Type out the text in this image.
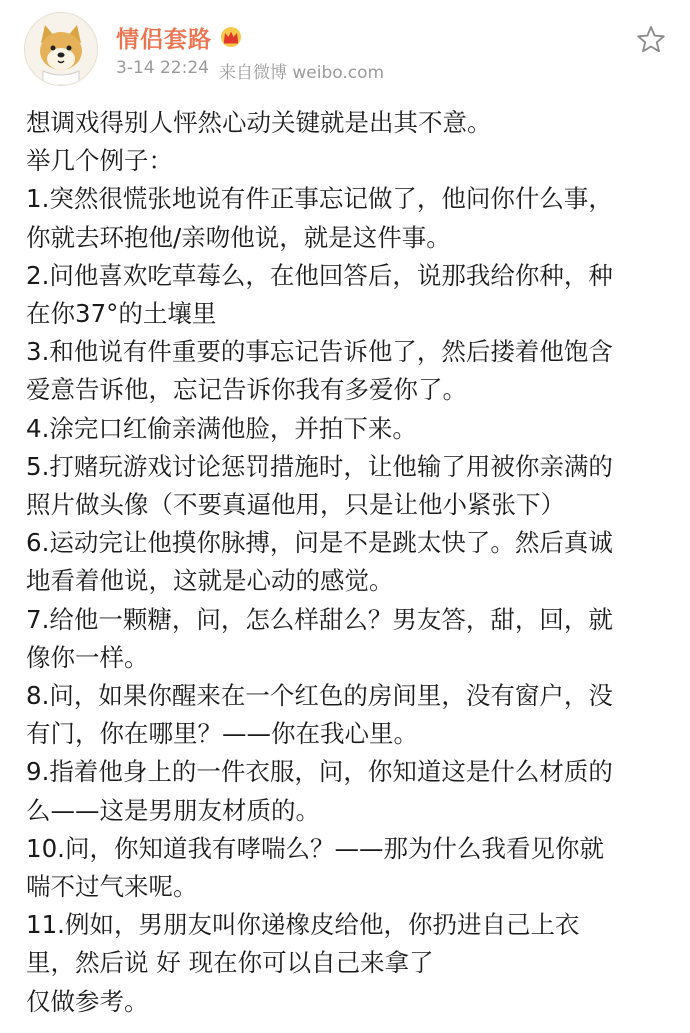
情侣套路
3-14 22:24 来自微博 weibo.com
想调戏得别人怦然心动关键就是出其不意。
举几个例子：
1.突然很慌张地说有件正事忘记做了，他问你什么事，
你就去环抱他/亲吻他说，就是这件事。
2.问他喜欢吃草莓么，在他回答后，说那我给你种，种
在你37°的土壤里
3.和他说有件重要的事忘记告诉他了，然后搂着他饱含
爱意告诉他，忘记告诉你我有多爱你了。
4.涂完口红偷亲满他脸，并拍下来。
5.打赌玩游戏讨论惩罚措施时，让他输了用被你亲满的
照片做头像（不要真逼他用，只是让他小紧张下）
6.运动完让他摸你脉搏，问是不是跳太快了。然后真诚
地看着他说，这就是心动的感觉。
7.给他一颗糖，问，怎么样甜么？男友答，甜，回，就
像你一样。
8.问，如果你醒来在一个红色的房间里，没有窗户，没
有门，你在哪里？——你在我心里。
9.指着他身上的一件衣服，问，你知道这是什么材质的
么——这是男朋友材质的。
10.问，你知道我有哮喘么？——那为什么我看见你就
喘不过气来呢。
11.例如，男朋友叫你递橡皮给他，你扔进自己上衣
里，然后说 好 现在你可以自己来拿了
仅做参考。
